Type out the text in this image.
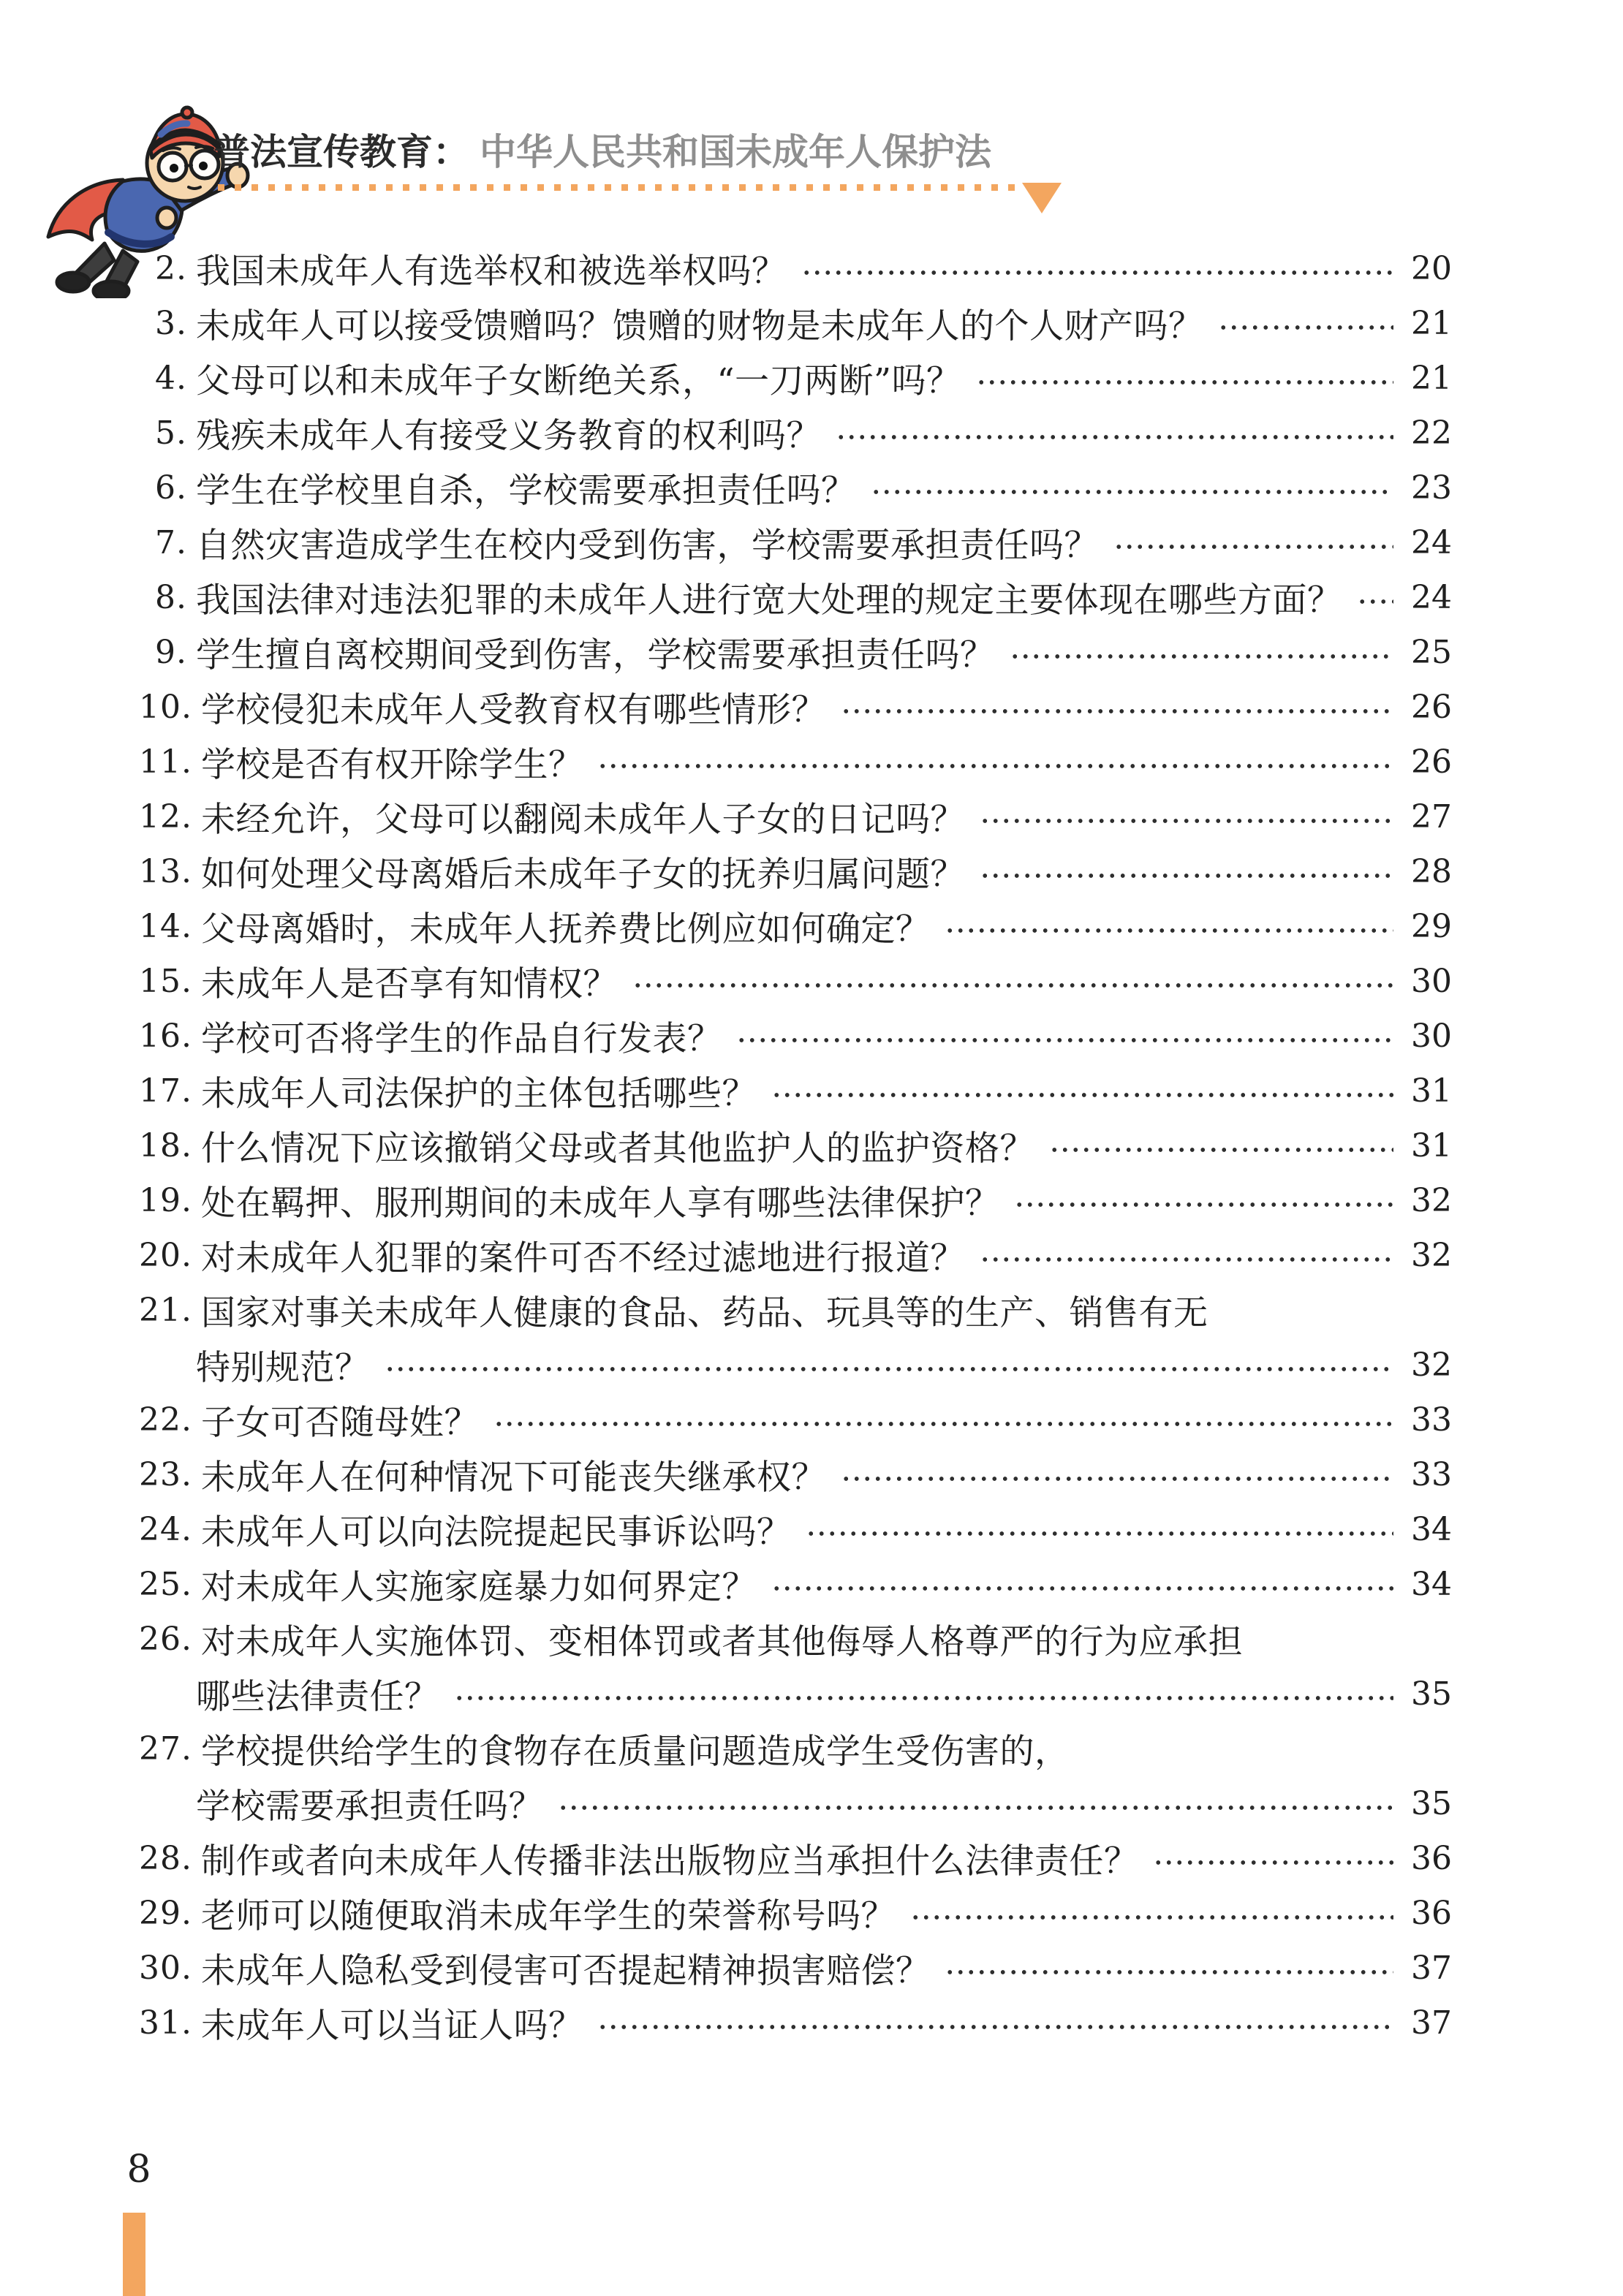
普法宣传教育： 中华人民共和国未成年人保护法
2. 我国未成年人有选举权和被选举权吗？	20
3. 未成年人可以接受馈赠吗？馈赠的财物是未成年人的个人财产吗？	21
4. 父母可以和未成年子女断绝关系，“一刀两断”吗？	21
5. 残疾未成年人有接受义务教育的权利吗？	22
6. 学生在学校里自杀，学校需要承担责任吗？	23
7. 自然灾害造成学生在校内受到伤害，学校需要承担责任吗？	24
8. 我国法律对违法犯罪的未成年人进行宽大处理的规定主要体现在哪些方面？ 24
9. 学生擅自离校期间受到伤害，学校需要承担责任吗？	25
10. 学校侵犯未成年人受教育权有哪些情形？	26
11. 学校是否有权开除学生？	26
12. 未经允许，父母可以翻阅未成年人子女的日记吗？	27
13. 如何处理父母离婚后未成年子女的抚养归属问题？	28
14. 父母离婚时，未成年人抚养费比例应如何确定？	29
15. 未成年人是否享有知情权？	30
16. 学校可否将学生的作品自行发表？	30
17. 未成年人司法保护的主体包括哪些？	31
18. 什么情况下应该撤销父母或者其他监护人的监护资格？	31
19. 处在羁押、服刑期间的未成年人享有哪些法律保护？	32
20. 对未成年人犯罪的案件可否不经过滤地进行报道？	32
21. 国家对事关未成年人健康的食品、药品、玩具等的生产、销售有无
特别规范？	32
22. 子女可否随母姓？	33
23. 未成年人在何种情况下可能丧失继承权？	33
24. 未成年人可以向法院提起民事诉讼吗？	34
25. 对未成年人实施家庭暴力如何界定？	34
26. 对未成年人实施体罚、变相体罚或者其他侮辱人格尊严的行为应承担
哪些法律责任？	35
27. 学校提供给学生的食物存在质量问题造成学生受伤害的，
学校需要承担责任吗？	35
28. 制作或者向未成年人传播非法出版物应当承担什么法律责任？	36
29. 老师可以随便取消未成年学生的荣誉称号吗？	36
30. 未成年人隐私受到侵害可否提起精神损害赔偿？	37
31. 未成年人可以当证人吗？	37
8
